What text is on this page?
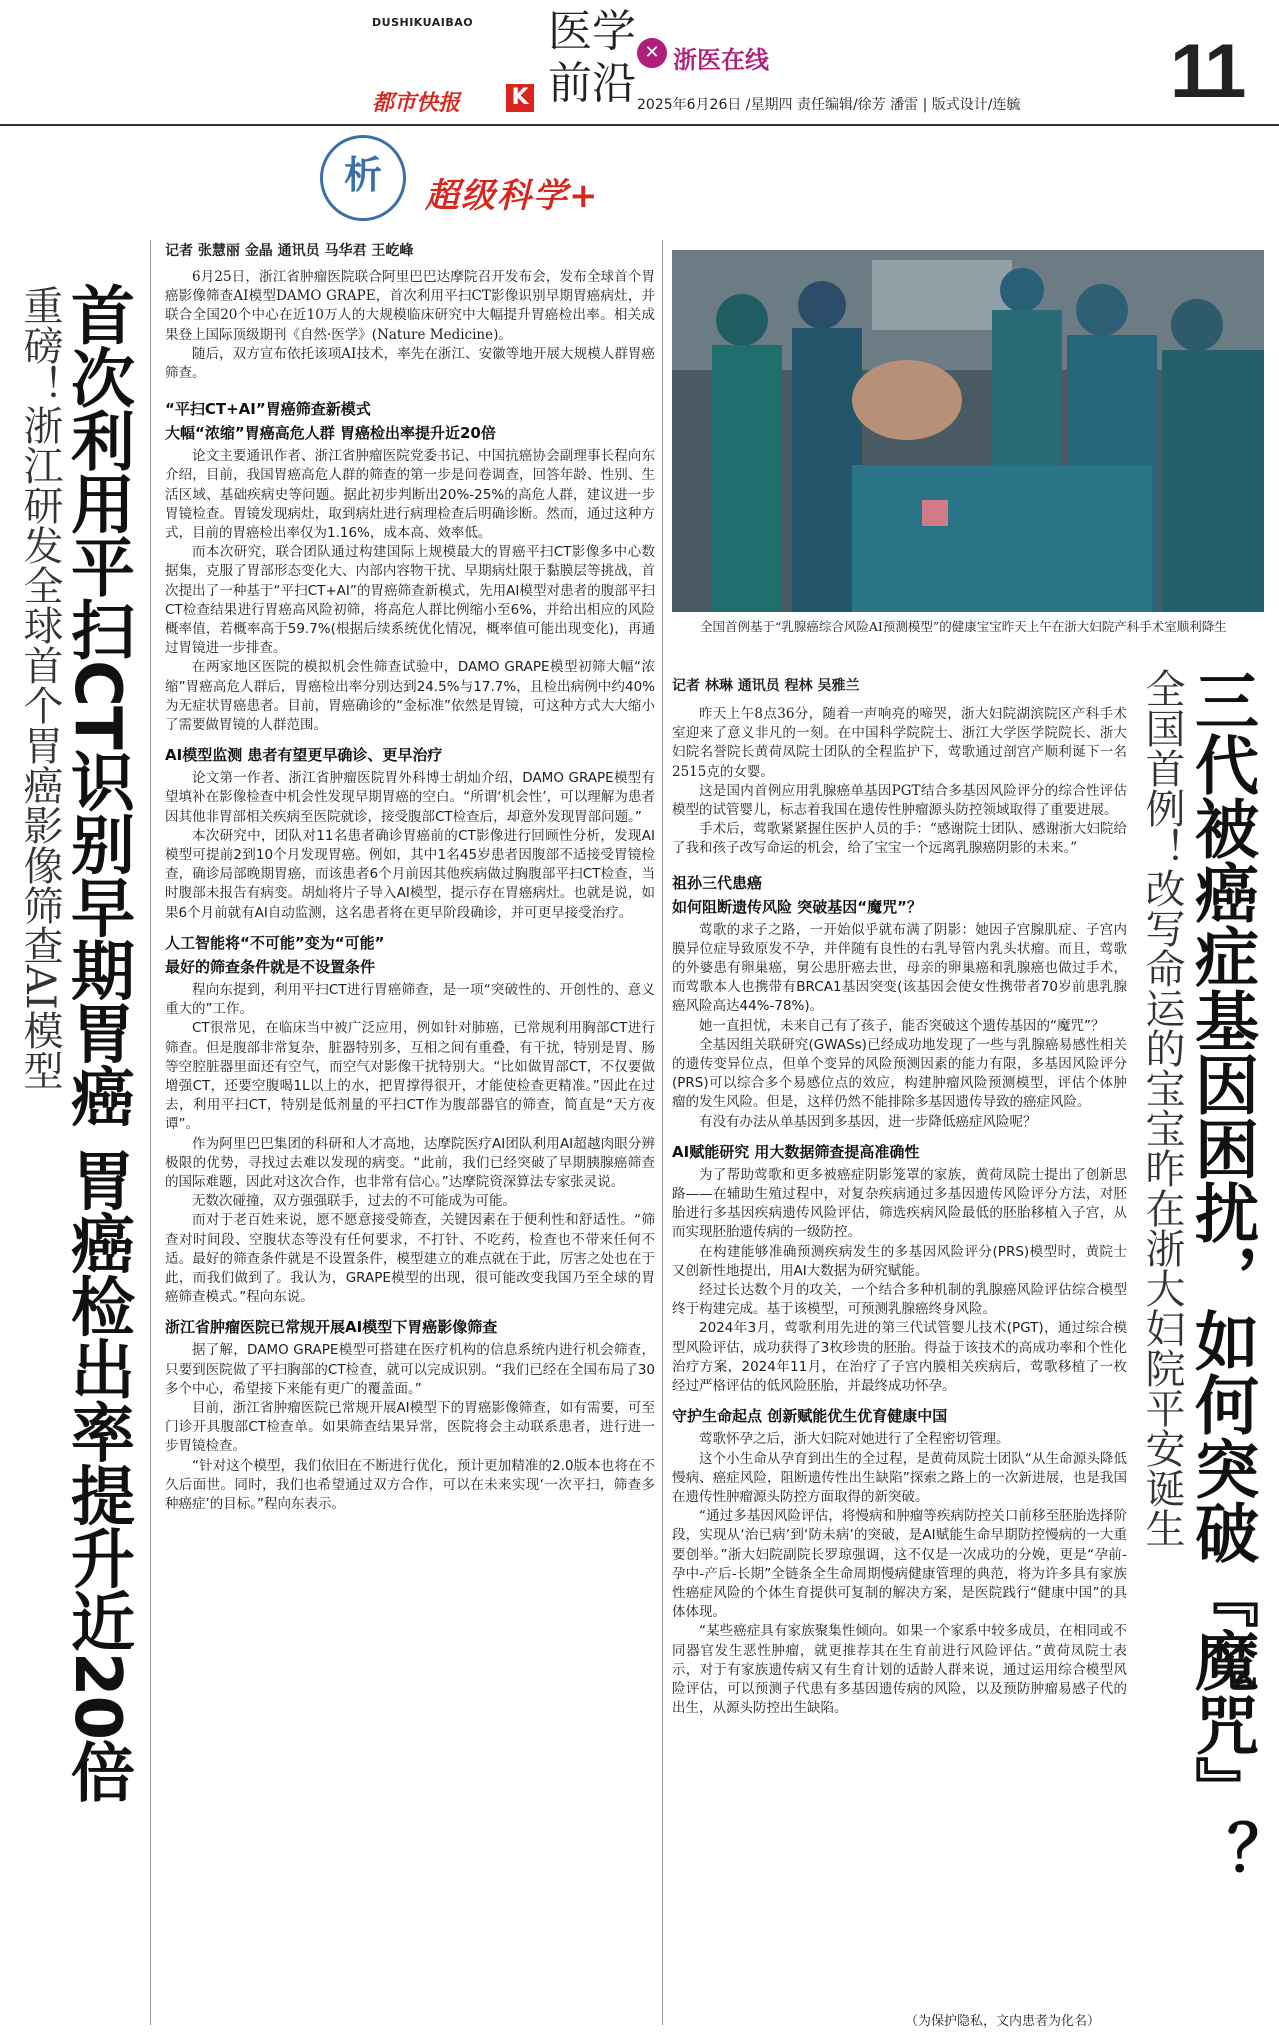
DUSHIKUAIBAO
都市快报 K
医学
前沿
✕ 浙医在线
2025年6月26日 /星期四 责任编辑/徐芳 潘雷 | 版式设计/连毓 11
析	超级科学+
首次利用平扫CT识别早期胃癌 胃癌检出率提升近20倍
重磅！浙江研发全球首个胃癌影像筛查AI模型
记者 张慧丽 金晶 通讯员 马华君 王屹峰

6月25日，浙江省肿瘤医院联合阿里巴巴达摩院召开发布会，发布全球首个胃癌影像筛查AI模型DAMO GRAPE，首次利用平扫CT影像识别早期胃癌病灶，并联合全国20个中心在近10万人的大规模临床研究中大幅提升胃癌检出率。相关成果登上国际顶级期刊《自然·医学》(Nature Medicine)。

随后，双方宣布依托该项AI技术，率先在浙江、安徽等地开展大规模人群胃癌筛查。

“平扫CT+AI”胃癌筛查新模式
大幅“浓缩”胃癌高危人群 胃癌检出率提升近20倍

论文主要通讯作者、浙江省肿瘤医院党委书记、中国抗癌协会副理事长程向东介绍，目前，我国胃癌高危人群的筛查的第一步是问卷调查，回答年龄、性别、生活区域、基础疾病史等问题。据此初步判断出20%-25%的高危人群，建议进一步胃镜检查。胃镜发现病灶，取到病灶进行病理检查后明确诊断。然而，通过这种方式，目前的胃癌检出率仅为1.16%，成本高、效率低。

而本次研究，联合团队通过构建国际上规模最大的胃癌平扫CT影像多中心数据集，克服了胃部形态变化大、内部内容物干扰、早期病灶限于黏膜层等挑战，首次提出了一种基于“平扫CT+AI”的胃癌筛查新模式，先用AI模型对患者的腹部平扫CT检查结果进行胃癌高风险初筛，将高危人群比例缩小至6%，并给出相应的风险概率值，若概率高于59.7%(根据后续系统优化情况，概率值可能出现变化)，再通过胃镜进一步排查。

在两家地区医院的模拟机会性筛查试验中，DAMO GRAPE模型初筛大幅“浓缩”胃癌高危人群后，胃癌检出率分别达到24.5%与17.7%，且检出病例中约40%为无症状胃癌患者。目前，胃癌确诊的“金标准”依然是胃镜，可这种方式大大缩小了需要做胃镜的人群范围。

AI模型监测 患者有望更早确诊、更早治疗

论文第一作者、浙江省肿瘤医院胃外科博士胡灿介绍，DAMO GRAPE模型有望填补在影像检查中机会性发现早期胃癌的空白。“所谓‘机会性’，可以理解为患者因其他非胃部相关疾病至医院就诊，接受腹部CT检查后，却意外发现胃部问题。”

本次研究中，团队对11名患者确诊胃癌前的CT影像进行回顾性分析，发现AI模型可提前2到10个月发现胃癌。例如，其中1名45岁患者因腹部不适接受胃镜检查，确诊局部晚期胃癌，而该患者6个月前因其他疾病做过胸腹部平扫CT检查，当时腹部未报告有病变。胡灿将片子导入AI模型，提示存在胃癌病灶。也就是说，如果6个月前就有AI自动监测，这名患者将在更早阶段确诊，并可更早接受治疗。

人工智能将“不可能”变为“可能”
最好的筛查条件就是不设置条件

程向东提到，利用平扫CT进行胃癌筛查，是一项“突破性的、开创性的、意义重大的”工作。

CT很常见，在临床当中被广泛应用，例如针对肺癌，已常规利用胸部CT进行筛查。但是腹部非常复杂，脏器特别多，互相之间有重叠，有干扰，特别是胃、肠等空腔脏器里面还有空气，而空气对影像干扰特别大。“比如做胃部CT，不仅要做增强CT，还要空腹喝1L以上的水，把胃撑得很开，才能使检查更精准。”因此在过去，利用平扫CT，特别是低剂量的平扫CT作为腹部器官的筛查，简直是“天方夜谭”。

作为阿里巴巴集团的科研和人才高地，达摩院医疗AI团队利用AI超越肉眼分辨极限的优势，寻找过去难以发现的病变。“此前，我们已经突破了早期胰腺癌筛查的国际难题，因此对这次合作，也非常有信心。”达摩院资深算法专家张灵说。

无数次碰撞，双方强强联手，过去的不可能成为可能。

而对于老百姓来说，愿不愿意接受筛查，关键因素在于便利性和舒适性。“筛查对时间段、空腹状态等没有任何要求，不打针、不吃药，检查也不带来任何不适。最好的筛查条件就是不设置条件，模型建立的难点就在于此，厉害之处也在于此，而我们做到了。我认为，GRAPE模型的出现，很可能改变我国乃至全球的胃癌筛查模式。”程向东说。

浙江省肿瘤医院已常规开展AI模型下胃癌影像筛查

据了解，DAMO GRAPE模型可搭建在医疗机构的信息系统内进行机会筛查，只要到医院做了平扫胸部的CT检查，就可以完成识别。“我们已经在全国布局了30多个中心，希望接下来能有更广的覆盖面。”

目前，浙江省肿瘤医院已常规开展AI模型下的胃癌影像筛查，如有需要，可至门诊开具腹部CT检查单。如果筛查结果异常，医院将会主动联系患者，进行进一步胃镜检查。

“针对这个模型，我们依旧在不断进行优化，预计更加精准的2.0版本也将在不久后面世。同时，我们也希望通过双方合作，可以在未来实现‘一次平扫，筛查多种癌症’的目标。”程向东表示。

全国首例基于“乳腺癌综合风险AI预测模型”的健康宝宝昨天上午在浙大妇院产科手术室顺利降生
三代被癌症基因困扰，如何突破『魔咒』？
全国首例！改写命运的宝宝昨在浙大妇院平安诞生
记者 林琳 通讯员 程林 吴雅兰

昨天上午8点36分，随着一声响亮的啼哭，浙大妇院湖滨院区产科手术室迎来了意义非凡的一刻。在中国科学院院士、浙江大学医学院院长、浙大妇院名誉院长黄荷凤院士团队的全程监护下，莺歌通过剖宫产顺利诞下一名2515克的女婴。

这是国内首例应用乳腺癌单基因PGT结合多基因风险评分的综合性评估模型的试管婴儿，标志着我国在遗传性肿瘤源头防控领域取得了重要进展。

手术后，莺歌紧紧握住医护人员的手：“感谢院士团队、感谢浙大妇院给了我和孩子改写命运的机会，给了宝宝一个远离乳腺癌阴影的未来。”

祖孙三代患癌
如何阻断遗传风险 突破基因“魔咒”？

莺歌的求子之路，一开始似乎就布满了阴影：她因子宫腺肌症、子宫内膜异位症导致原发不孕，并伴随有良性的右乳导管内乳头状瘤。而且，莺歌的外婆患有卵巢癌，舅公患肝癌去世，母亲的卵巢癌和乳腺癌也做过手术，而莺歌本人也携带有BRCA1基因突变(该基因会使女性携带者70岁前患乳腺癌风险高达44%-78%)。

她一直担忧，未来自己有了孩子，能否突破这个遗传基因的“魔咒”？

全基因组关联研究(GWASs)已经成功地发现了一些与乳腺癌易感性相关的遗传变异位点，但单个变异的风险预测因素的能力有限，多基因风险评分(PRS)可以综合多个易感位点的效应，构建肿瘤风险预测模型，评估个体肿瘤的发生风险。但是，这样仍然不能排除多基因遗传导致的癌症风险。

有没有办法从单基因到多基因，进一步降低癌症风险呢？

AI赋能研究 用大数据筛查提高准确性

为了帮助莺歌和更多被癌症阴影笼罩的家族，黄荷凤院士提出了创新思路——在辅助生殖过程中，对复杂疾病通过多基因遗传风险评分方法，对胚胎进行多基因疾病遗传风险评估，筛选疾病风险最低的胚胎移植入子宫，从而实现胚胎遗传病的一级防控。

在构建能够准确预测疾病发生的多基因风险评分(PRS)模型时，黄院士又创新性地提出，用AI大数据为研究赋能。

经过长达数个月的攻关，一个结合多种机制的乳腺癌风险评估综合模型终于构建完成。基于该模型，可预测乳腺癌终身风险。

2024年3月，莺歌利用先进的第三代试管婴儿技术(PGT)，通过综合模型风险评估，成功获得了3枚珍贵的胚胎。得益于该技术的高成功率和个性化治疗方案，2024年11月，在治疗了子宫内膜相关疾病后，莺歌移植了一枚经过严格评估的低风险胚胎，并最终成功怀孕。

守护生命起点 创新赋能优生优育健康中国

莺歌怀孕之后，浙大妇院对她进行了全程密切管理。

这个小生命从孕育到出生的全过程，是黄荷凤院士团队“从生命源头降低慢病、癌症风险，阻断遗传性出生缺陷”探索之路上的一次新进展，也是我国在遗传性肿瘤源头防控方面取得的新突破。

“通过多基因风险评估，将慢病和肿瘤等疾病防控关口前移至胚胎选择阶段，实现从‘治已病’到‘防未病’的突破，是AI赋能生命早期防控慢病的一大重要创举。”浙大妇院副院长罗琼强调，这不仅是一次成功的分娩，更是“孕前-孕中-产后-长期”全链条全生命周期慢病健康管理的典范，将为许多具有家族性癌症风险的个体生育提供可复制的解决方案，是医院践行“健康中国”的具体体现。

“某些癌症具有家族聚集性倾向。如果一个家系中较多成员，在相同或不同器官发生恶性肿瘤，就更推荐其在生育前进行风险评估。”黄荷凤院士表示，对于有家族遗传病又有生育计划的适龄人群来说，通过运用综合模型风险评估，可以预测子代患有多基因遗传病的风险，以及预防肿瘤易感子代的出生，从源头防控出生缺陷。

（为保护隐私，文内患者为化名）
